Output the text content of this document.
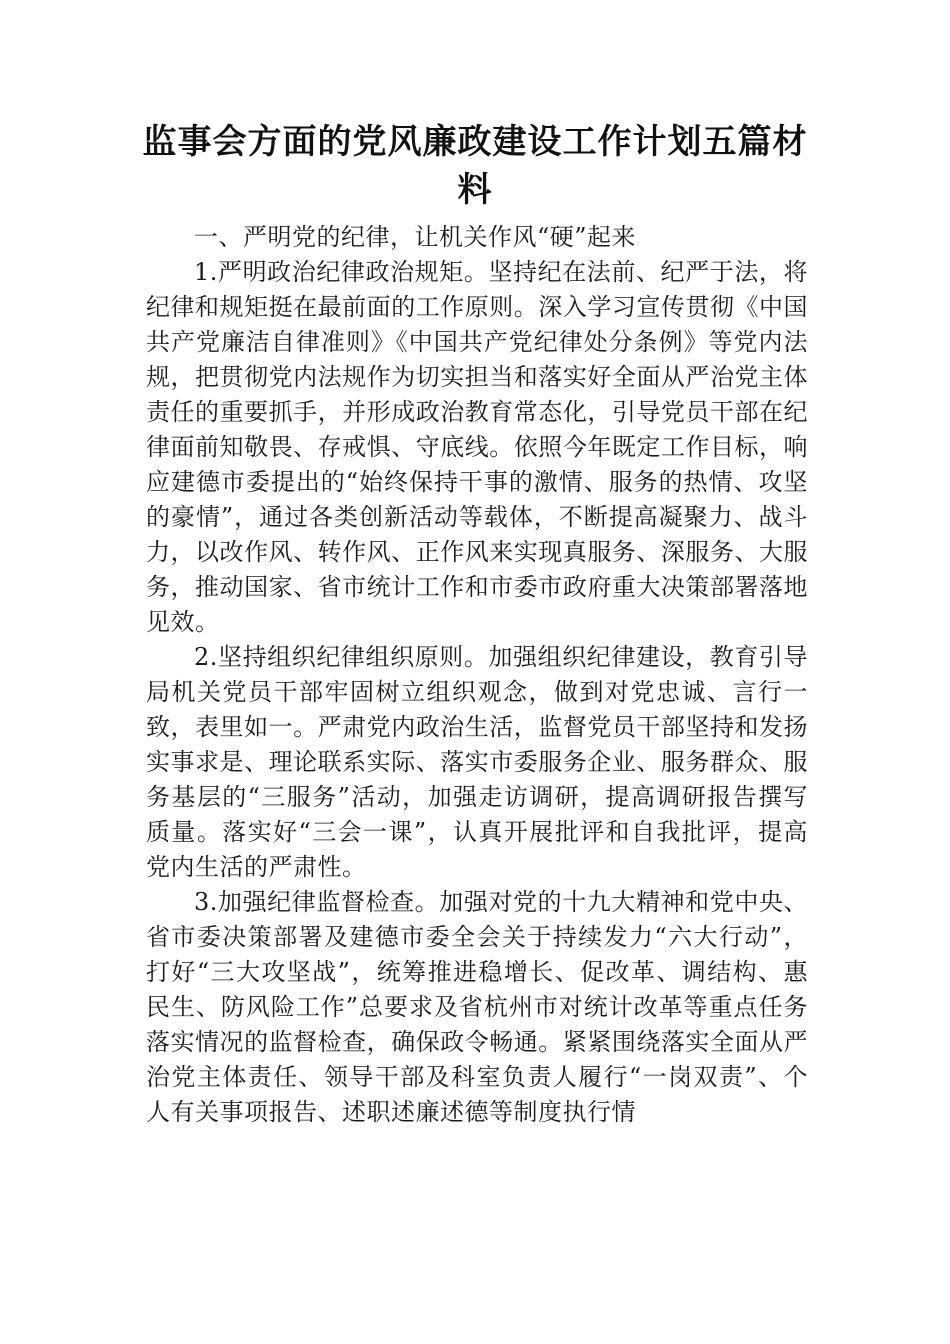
监事会方面的党风廉政建设工作计划五篇材料

一、严明党的纪律，让机关作风“硬”起来

1.严明政治纪律政治规矩。坚持纪在法前、纪严于法，将纪律和规矩挺在最前面的工作原则。深入学习宣传贯彻《中国共产党廉洁自律准则》《中国共产党纪律处分条例》等党内法规，把贯彻党内法规作为切实担当和落实好全面从严治党主体责任的重要抓手，并形成政治教育常态化，引导党员干部在纪律面前知敬畏、存戒惧、守底线。依照今年既定工作目标，响应建德市委提出的“始终保持干事的激情、服务的热情、攻坚的豪情”，通过各类创新活动等载体，不断提高凝聚力、战斗力，以改作风、转作风、正作风来实现真服务、深服务、大服务，推动国家、省市统计工作和市委市政府重大决策部署落地见效。

2.坚持组织纪律组织原则。加强组织纪律建设，教育引导局机关党员干部牢固树立组织观念，做到对党忠诚、言行一致，表里如一。严肃党内政治生活，监督党员干部坚持和发扬实事求是、理论联系实际、落实市委服务企业、服务群众、服务基层的“三服务”活动，加强走访调研，提高调研报告撰写质量。落实好“三会一课”，认真开展批评和自我批评，提高党内生活的严肃性。

3.加强纪律监督检查。加强对党的十九大精神和党中央、省市委决策部署及建德市委全会关于持续发力“六大行动”，打好“三大攻坚战”，统筹推进稳增长、促改革、调结构、惠民生、防风险工作”总要求及省杭州市对统计改革等重点任务落实情况的监督检查，确保政令畅通。紧紧围绕落实全面从严治党主体责任、领导干部及科室负责人履行“一岗双责”、个人有关事项报告、述职述廉述德等制度执行情
